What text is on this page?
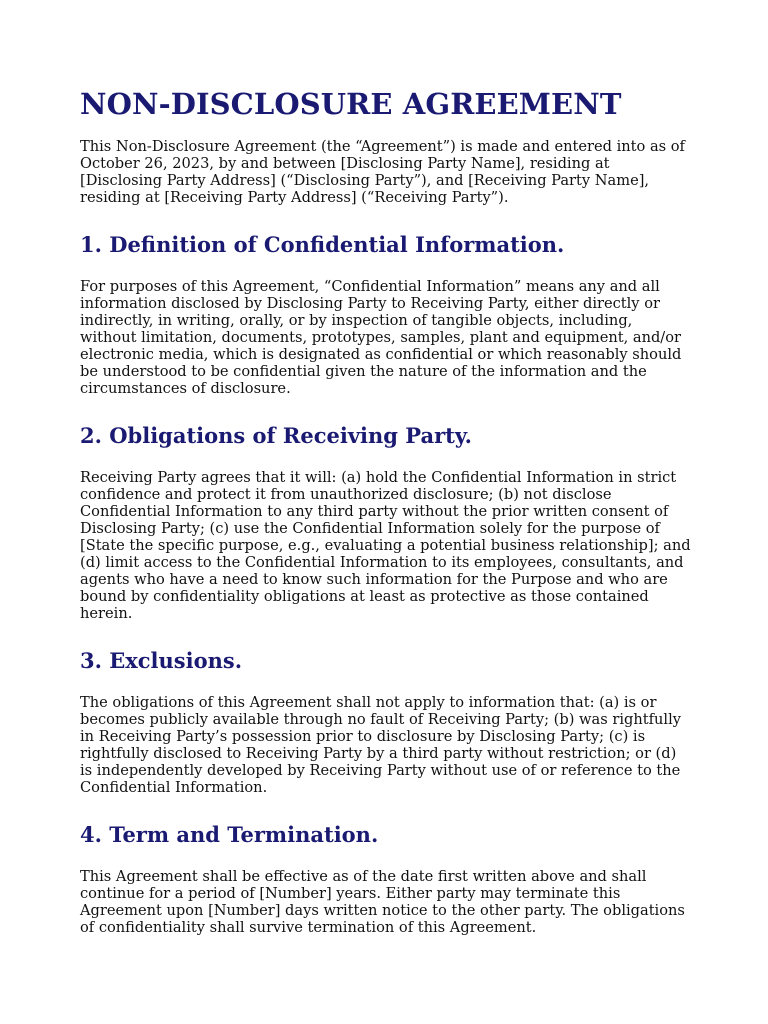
NON-DISCLOSURE AGREEMENT

This Non-Disclosure Agreement (the “Agreement”) is made and entered into as of October 26, 2023, by and between [Disclosing Party Name], residing at [Disclosing Party Address] (“Disclosing Party”), and [Receiving Party Name], residing at [Receiving Party Address] (“Receiving Party”).

1. Definition of Confidential Information.

For purposes of this Agreement, “Confidential Information” means any and all information disclosed by Disclosing Party to Receiving Party, either directly or indirectly, in writing, orally, or by inspection of tangible objects, including, without limitation, documents, prototypes, samples, plant and equipment, and/or electronic media, which is designated as confidential or which reasonably should be understood to be confidential given the nature of the information and the circumstances of disclosure.

2. Obligations of Receiving Party.

Receiving Party agrees that it will: (a) hold the Confidential Information in strict confidence and protect it from unauthorized disclosure; (b) not disclose Confidential Information to any third party without the prior written consent of Disclosing Party; (c) use the Confidential Information solely for the purpose of [State the specific purpose, e.g., evaluating a potential business relationship]; and (d) limit access to the Confidential Information to its employees, consultants, and agents who have a need to know such information for the Purpose and who are bound by confidentiality obligations at least as protective as those contained herein.

3. Exclusions.

The obligations of this Agreement shall not apply to information that: (a) is or becomes publicly available through no fault of Receiving Party; (b) was rightfully in Receiving Party’s possession prior to disclosure by Disclosing Party; (c) is rightfully disclosed to Receiving Party by a third party without restriction; or (d) is independently developed by Receiving Party without use of or reference to the Confidential Information.

4. Term and Termination.

This Agreement shall be effective as of the date first written above and shall continue for a period of [Number] years. Either party may terminate this Agreement upon [Number] days written notice to the other party. The obligations of confidentiality shall survive termination of this Agreement.
